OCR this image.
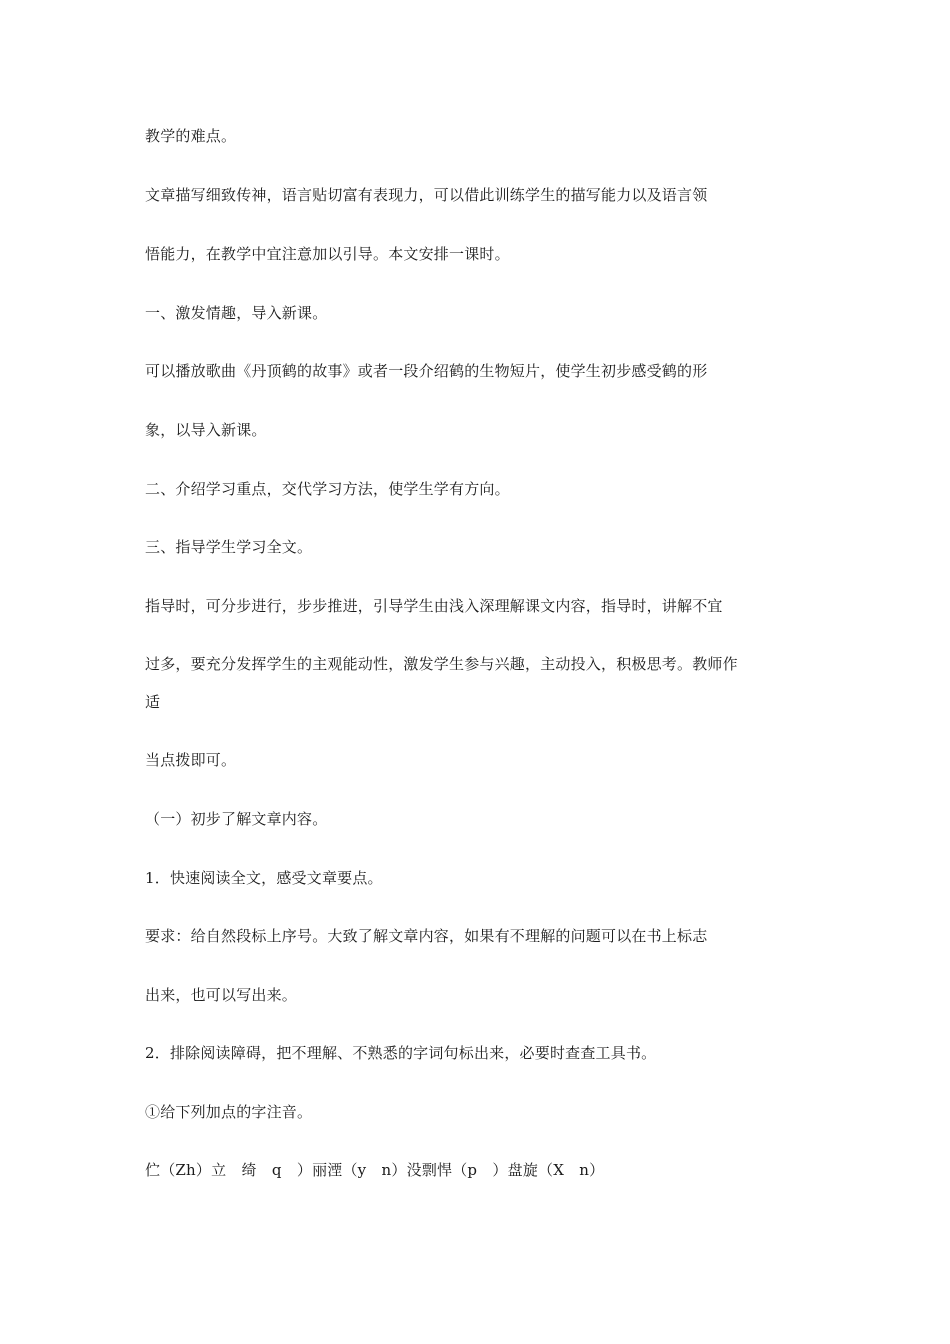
教学的难点。

文章描写细致传神，语言贴切富有表现力，可以借此训练学生的描写能力以及语言领

悟能力，在教学中宜注意加以引导。本文安排一课时。

一、激发情趣，导入新课。

可以播放歌曲《丹顶鹤的故事》或者一段介绍鹤的生物短片，使学生初步感受鹤的形

象，以导入新课。

二、介绍学习重点，交代学习方法，使学生学有方向。

三、指导学生学习全文。

指导时，可分步进行，步步推进，引导学生由浅入深理解课文内容，指导时，讲解不宜

过多，要充分发挥学生的主观能动性，激发学生参与兴趣，主动投入，积极思考。教师作

适

当点拨即可。

（一）初步了解文章内容。

1．快速阅读全文，感受文章要点。

要求：给自然段标上序号。大致了解文章内容，如果有不理解的问题可以在书上标志

出来，也可以写出来。

2．排除阅读障碍，把不理解、不熟悉的字词句标出来，必要时查查工具书。

①给下列加点的字注音。

伫（Zh）立　绮　q　）丽湮（y　n）没剽悍（p　）盘旋（X　n）
